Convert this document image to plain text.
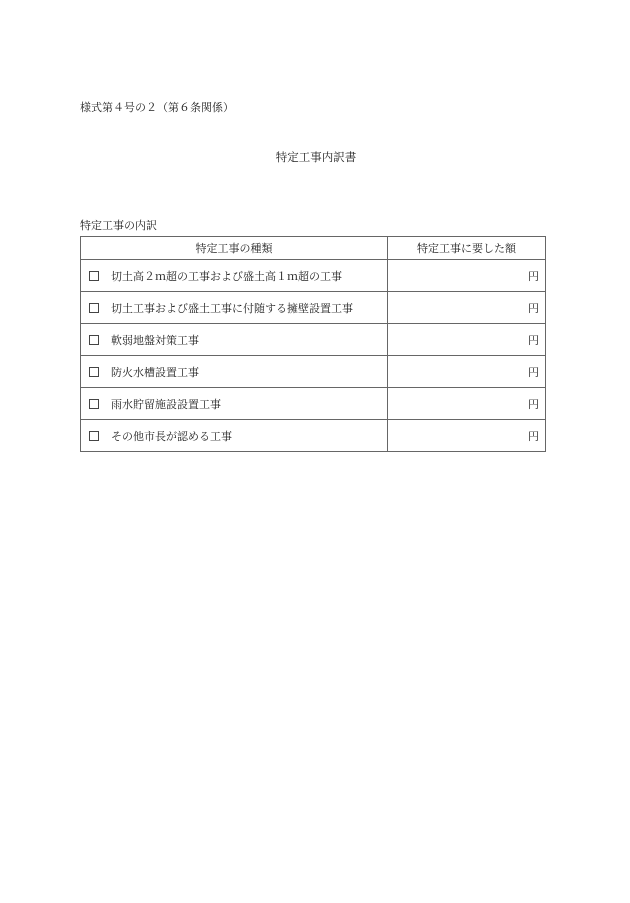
様式第４号の２（第６条関係）
特定工事内訳書
特定工事の内訳
特定工事の種類	特定工事に要した額
切土高２ｍ超の工事および盛土高１ｍ超の工事	円
切土工事および盛土工事に付随する擁壁設置工事	円
軟弱地盤対策工事	円
防火水槽設置工事	円
雨水貯留施設設置工事	円
その他市長が認める工事	円
